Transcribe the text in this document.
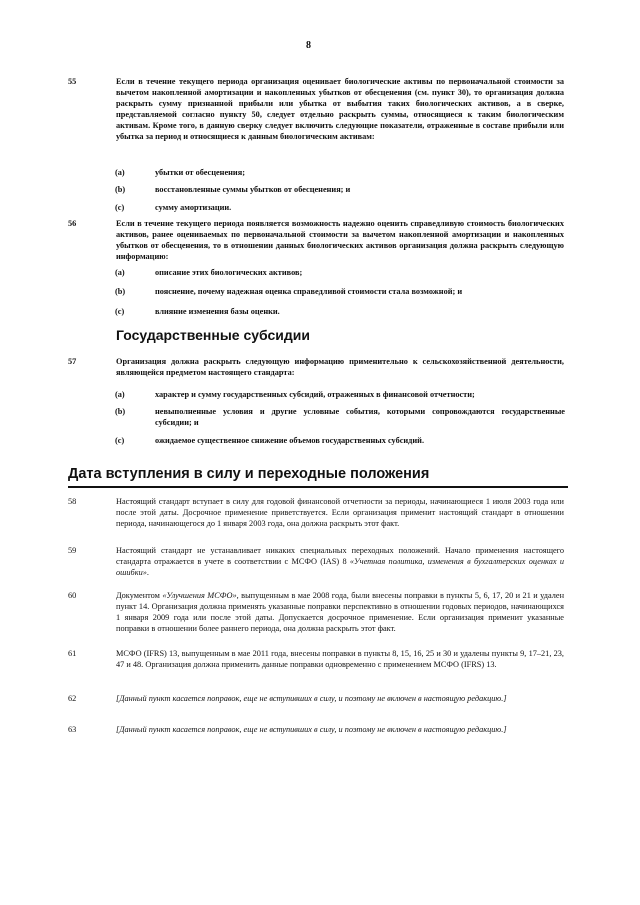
8
55	Если в течение текущего периода организация оценивает биологические активы по первоначальной стоимости за вычетом накопленной амортизации и накопленных убытков от обесценения (см. пункт 30), то организация должна раскрыть сумму признанной прибыли или убытка от выбытия таких биологических активов, а в сверке, представляемой согласно пункту 50, следует отдельно раскрыть суммы, относящиеся к таким биологическим активам. Кроме того, в данную сверку следует включить следующие показатели, отраженные в составе прибыли или убытка за период и относящиеся к данным биологическим активам:
(a)	убытки от обесценения;
(b)	восстановленные суммы убытков от обесценения; и
(c)	сумму амортизации.
56	Если в течение текущего периода появляется возможность надежно оценить справедливую стоимость биологических активов, ранее оцениваемых по первоначальной стоимости за вычетом накопленной амортизации и накопленных убытков от обесценения, то в отношении данных биологических активов организация должна раскрыть следующую информацию:
(a)	описание этих биологических активов;
(b)	пояснение, почему надежная оценка справедливой стоимости стала возможной; и
(c)	влияние изменения базы оценки.
Государственные субсидии
57	Организация должна раскрыть следующую информацию применительно к сельскохозяйственной деятельности, являющейся предметом настоящего стандарта:
(a)	характер и сумму государственных субсидий, отраженных в финансовой отчетности;
(b)	невыполненные условия и другие условные события, которыми сопровождаются государственные субсидии; и
(c)	ожидаемое существенное снижение объемов государственных субсидий.
Дата вступления в силу и переходные положения
58	Настоящий стандарт вступает в силу для годовой финансовой отчетности за периоды, начинающиеся 1 июля 2003 года или после этой даты. Досрочное применение приветствуется. Если организация применит настоящий стандарт в отношении периода, начинающегося до 1 января 2003 года, она должна раскрыть этот факт.
59	Настоящий стандарт не устанавливает никаких специальных переходных положений. Начало применения настоящего стандарта отражается в учете в соответствии с МСФО (IAS) 8 «Учетная политика, изменения в бухгалтерских оценках и ошибки».
60	Документом «Улучшения МСФО», выпущенным в мае 2008 года, были внесены поправки в пункты 5, 6, 17, 20 и 21 и удален пункт 14. Организация должна применять указанные поправки перспективно в отношении годовых периодов, начинающихся 1 января 2009 года или после этой даты. Допускается досрочное применение. Если организация применит указанные поправки в отношении более раннего периода, она должна раскрыть этот факт.
61	МСФО (IFRS) 13, выпущенным в мае 2011 года, внесены поправки в пункты 8, 15, 16, 25 и 30 и удалены пункты 9, 17–21, 23, 47 и 48. Организация должна применить данные поправки одновременно с применением МСФО (IFRS) 13.
62	[Данный пункт касается поправок, еще не вступивших в силу, и поэтому не включен в настоящую редакцию.]
63	[Данный пункт касается поправок, еще не вступивших в силу, и поэтому не включен в настоящую редакцию.]
